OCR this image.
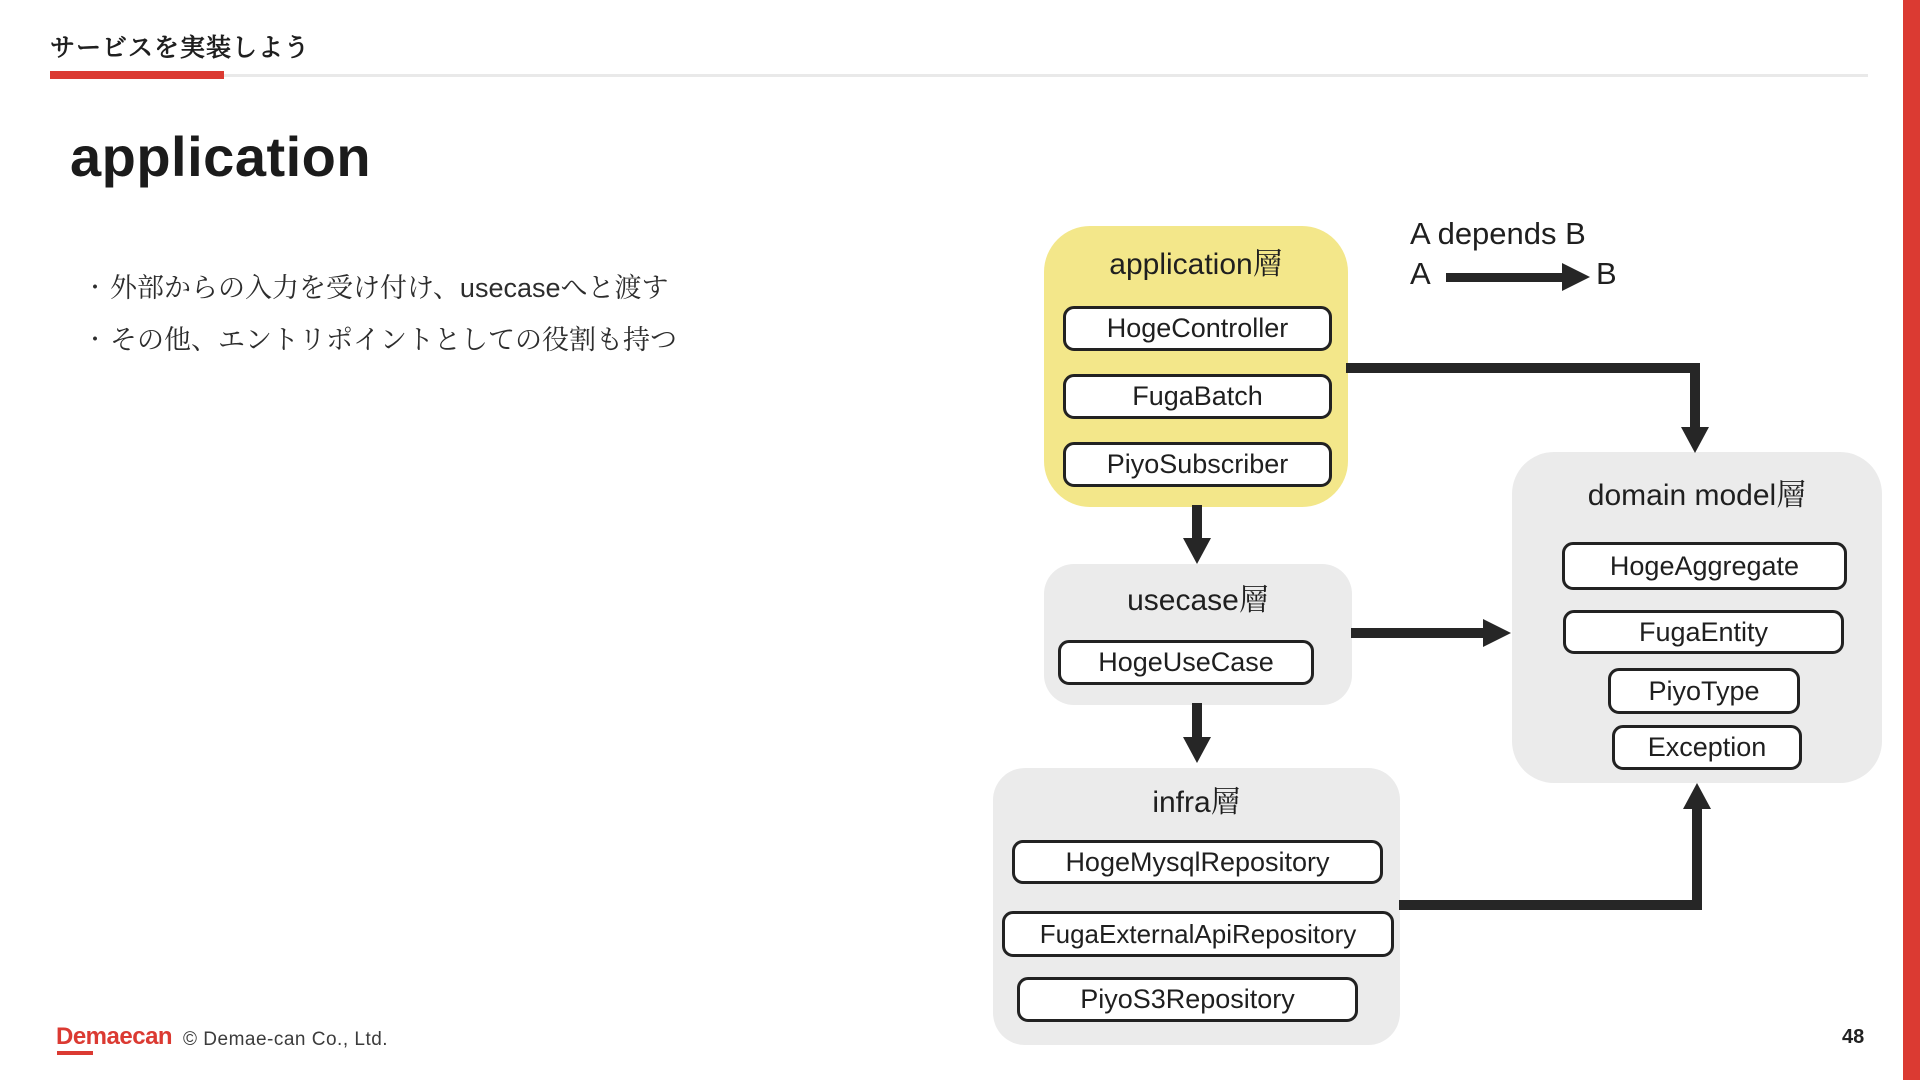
サービスを実装しよう
application
・ 外部からの入力を受け付け、usecaseへと渡す
・ その他、エントリポイントとしての役割も持つ
A depends B
A	B
application層
HogeController
FugaBatch
PiyoSubscriber
usecase層
HogeUseCase
infra層
HogeMysqlRepository
FugaExternalApiRepository
PiyoS3Repository
domain model層
HogeAggregate
FugaEntity
PiyoType
Exception
Demaecan © Demae-can Co., Ltd.	48
